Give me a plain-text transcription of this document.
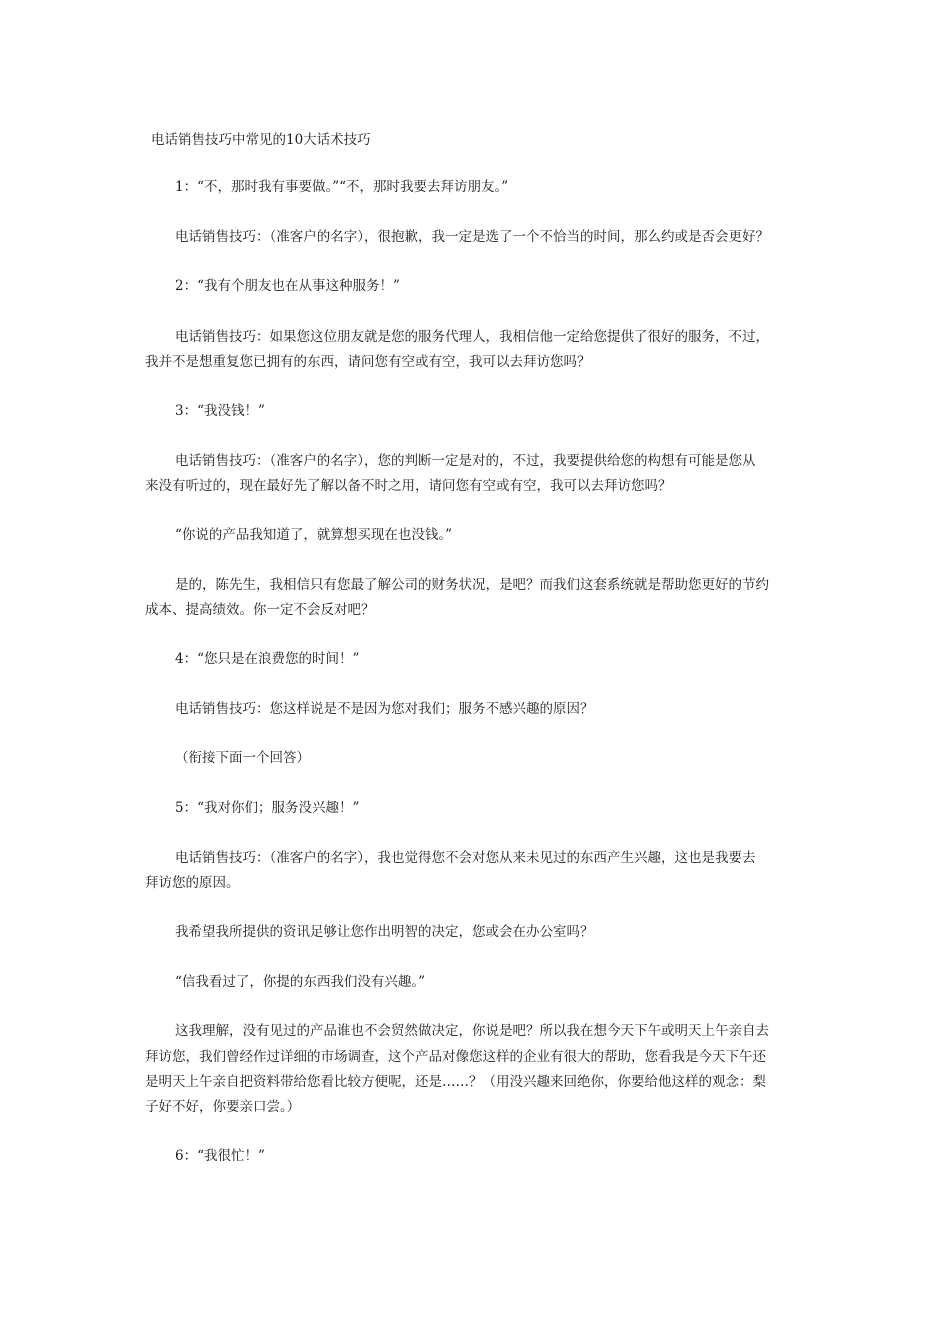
电话销售技巧中常见的10大话术技巧
1：“不，那时我有事要做。”“不，那时我要去拜访朋友。”
电话销售技巧：（准客户的名字），很抱歉，我一定是选了一个不恰当的时间，那么约或是否会更好？
2：“我有个朋友也在从事这种服务！”
电话销售技巧：如果您这位朋友就是您的服务代理人，我相信他一定给您提供了很好的服务，不过，
我并不是想重复您已拥有的东西，请问您有空或有空，我可以去拜访您吗？
3：“我没钱！”
电话销售技巧：（准客户的名字），您的判断一定是对的，不过，我要提供给您的构想有可能是您从
来没有听过的，现在最好先了解以备不时之用，请问您有空或有空，我可以去拜访您吗？
“你说的产品我知道了，就算想买现在也没钱。”
是的，陈先生，我相信只有您最了解公司的财务状况，是吧？而我们这套系统就是帮助您更好的节约
成本、提高绩效。你一定不会反对吧？
4：“您只是在浪费您的时间！”
电话销售技巧：您这样说是不是因为您对我们；服务不感兴趣的原因？
（衔接下面一个回答）
5：“我对你们；服务没兴趣！”
电话销售技巧：（准客户的名字），我也觉得您不会对您从来未见过的东西产生兴趣，这也是我要去
拜访您的原因。
我希望我所提供的资讯足够让您作出明智的决定，您或会在办公室吗？
“信我看过了，你提的东西我们没有兴趣。”
这我理解，没有见过的产品谁也不会贸然做决定，你说是吧？所以我在想今天下午或明天上午亲自去
拜访您，我们曾经作过详细的市场调查，这个产品对像您这样的企业有很大的帮助，您看我是今天下午还
是明天上午亲自把资料带给您看比较方便呢，还是……？（用没兴趣来回绝你，你要给他这样的观念：梨
子好不好，你要亲口尝。）
6：“我很忙！”
